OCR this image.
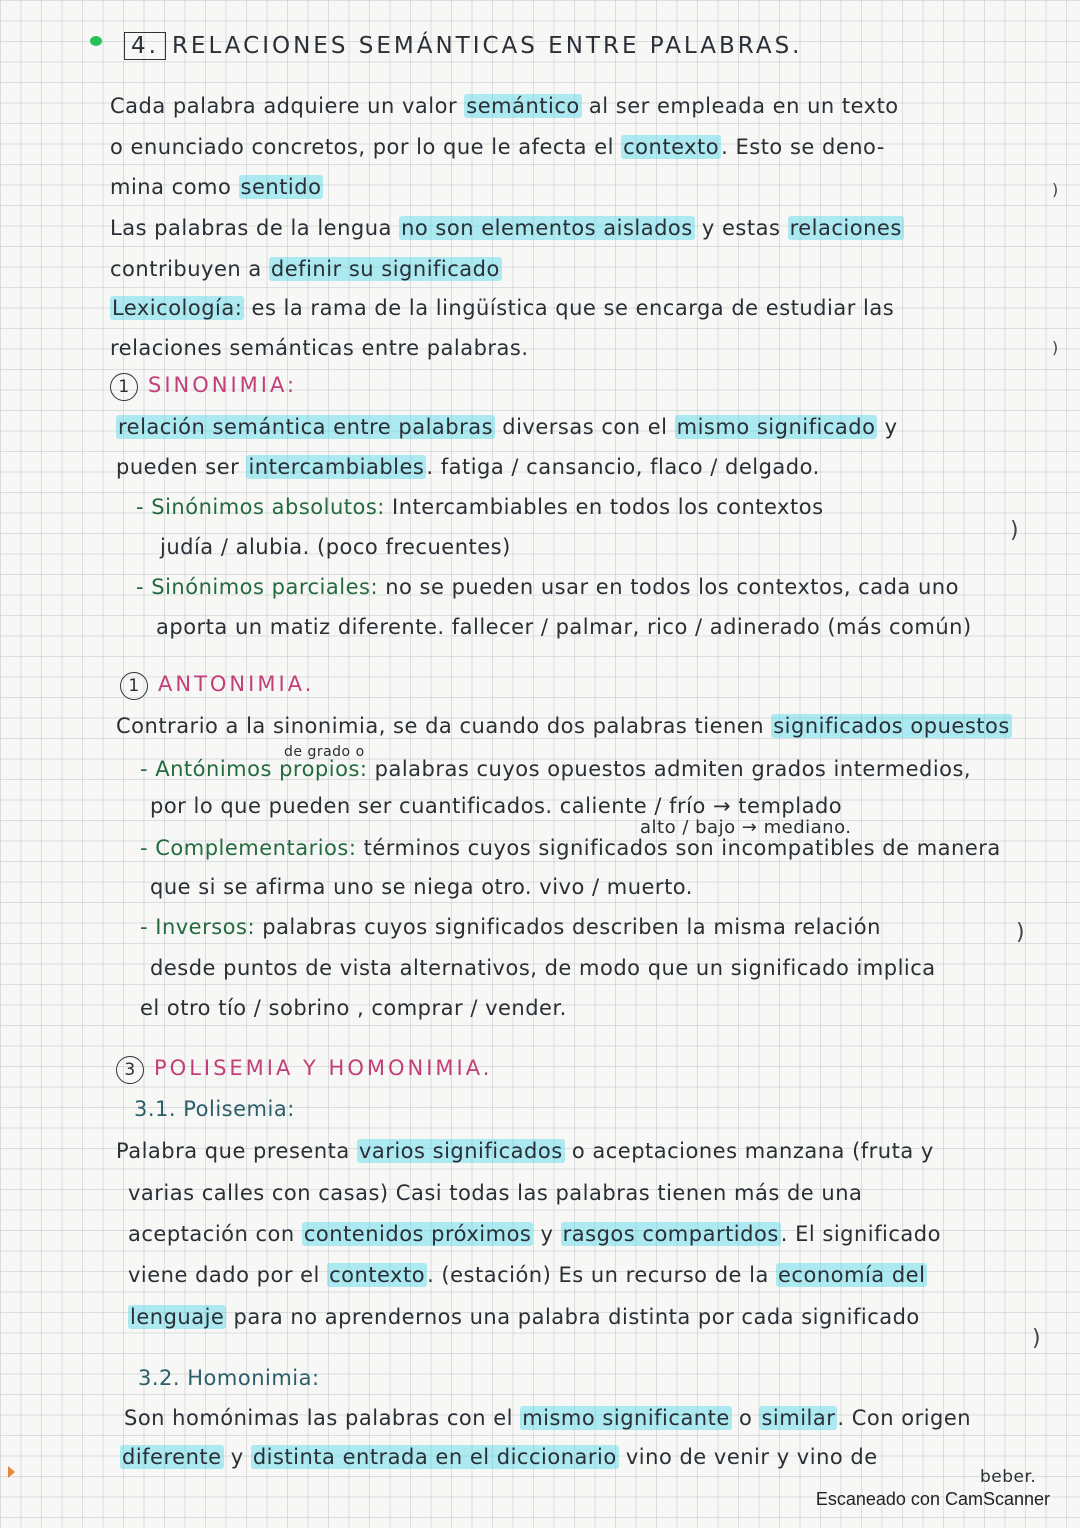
4. RELACIONES SEMÁNTICAS ENTRE PALABRAS.
Cada palabra adquiere un valor semántico al ser empleada en un texto
o enunciado concretos, por lo que le afecta el contexto. Esto se deno-
mina como sentido
Las palabras de la lengua no son elementos aislados y estas relaciones
contribuyen a definir su significado
Lexicología: es la rama de la lingüística que se encarga de estudiar las
relaciones semánticas entre palabras.
1 SINONIMIA:
relación semántica entre palabras diversas con el mismo significado y
pueden ser intercambiables. fatiga / cansancio, flaco / delgado.
- Sinónimos absolutos: Intercambiables en todos los contextos
judía / alubia. (poco frecuentes)
- Sinónimos parciales: no se pueden usar en todos los contextos, cada uno
aporta un matiz diferente. fallecer / palmar, rico / adinerado (más común)
1 ANTONIMIA.
Contrario a la sinonimia, se da cuando dos palabras tienen significados opuestos
de grado o
- Antónimos propios: palabras cuyos opuestos admiten grados intermedios,
por lo que pueden ser cuantificados. caliente / frío → templado
alto / bajo → mediano.
- Complementarios: términos cuyos significados son incompatibles de manera
que si se afirma uno se niega otro. vivo / muerto.
- Inversos: palabras cuyos significados describen la misma relación
desde puntos de vista alternativos, de modo que un significado implica
el otro tío / sobrino , comprar / vender.
3 POLISEMIA Y HOMONIMIA.
3.1. Polisemia:
Palabra que presenta varios significados o aceptaciones manzana (fruta y
varias calles con casas) Casi todas las palabras tienen más de una
aceptación con contenidos próximos y rasgos compartidos. El significado
viene dado por el contexto. (estación) Es un recurso de la economía del
lenguaje para no aprendernos una palabra distinta por cada significado
3.2. Homonimia:
Son homónimas las palabras con el mismo significante o similar. Con origen
diferente y distinta entrada en el diccionario vino de venir y vino de
beber.
)
)
)
)
)
Escaneado con CamScanner
